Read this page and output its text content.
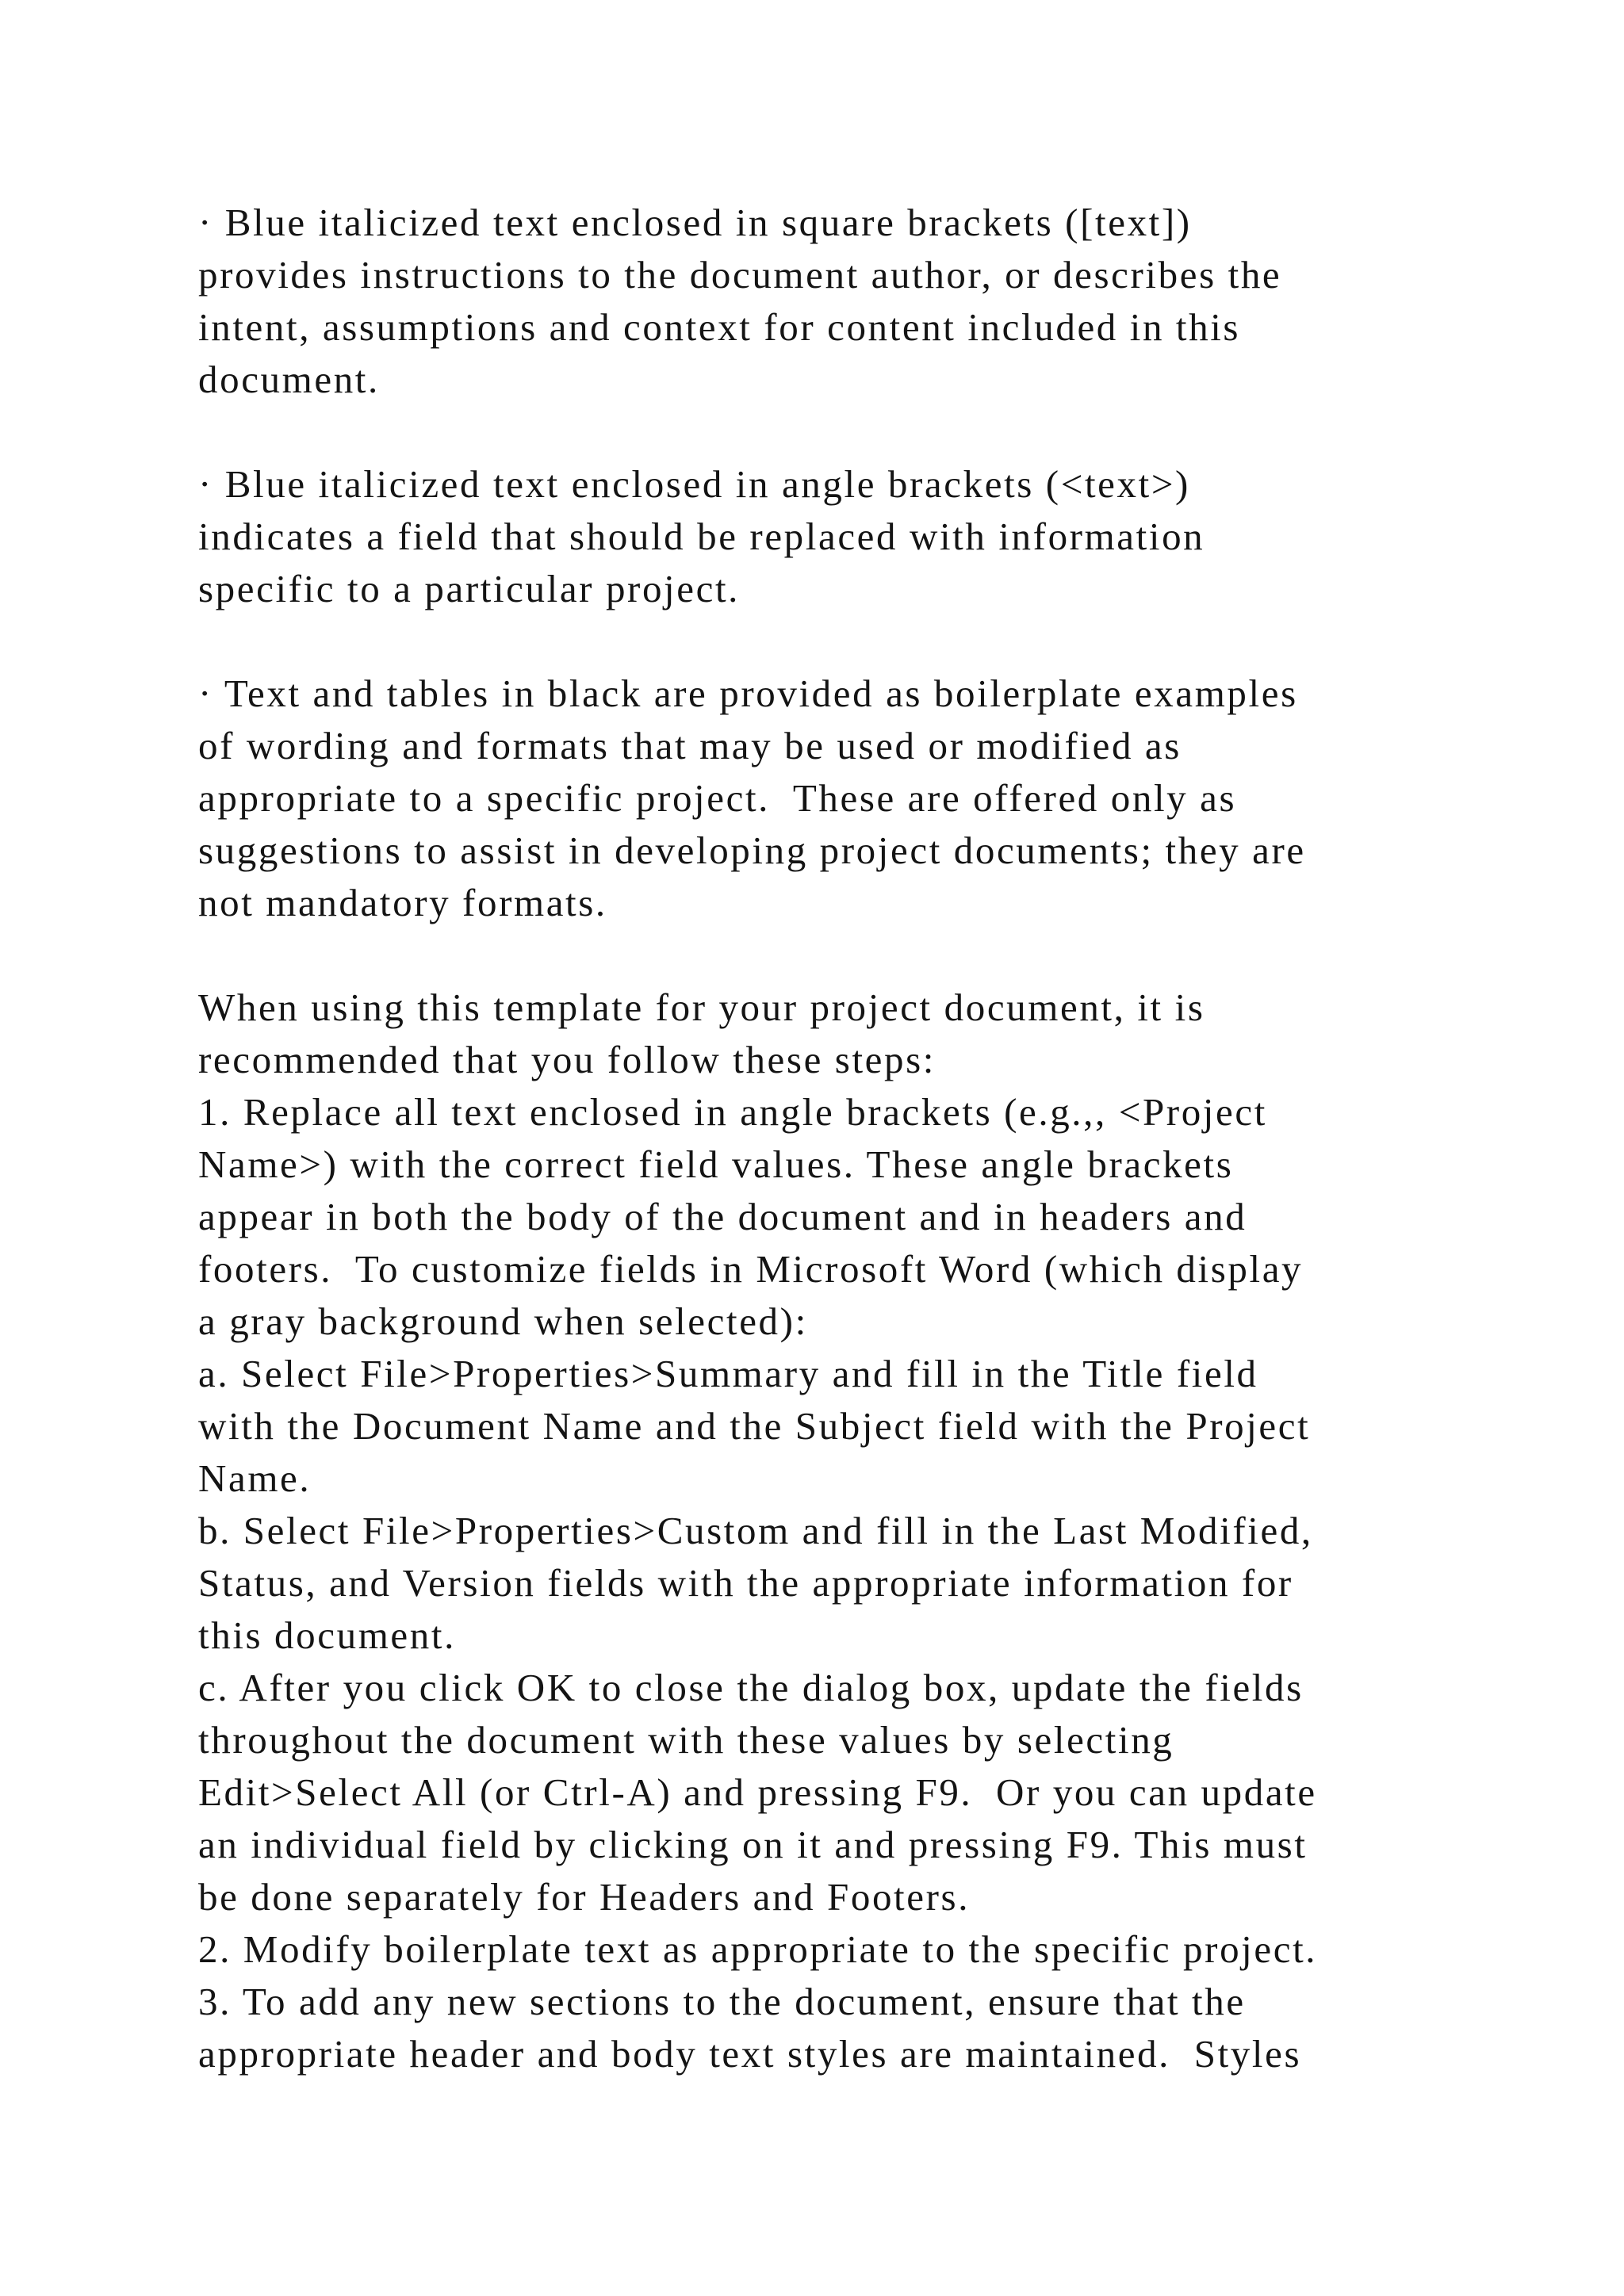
· Blue italicized text enclosed in square brackets ([text])
provides instructions to the document author, or describes the
intent, assumptions and context for content included in this
document.
· Blue italicized text enclosed in angle brackets (<text>)
indicates a field that should be replaced with information
specific to a particular project.
· Text and tables in black are provided as boilerplate examples
of wording and formats that may be used or modified as
appropriate to a specific project.  These are offered only as
suggestions to assist in developing project documents; they are
not mandatory formats.
When using this template for your project document, it is
recommended that you follow these steps:
1. Replace all text enclosed in angle brackets (e.g.,, <Project
Name>) with the correct field values. These angle brackets
appear in both the body of the document and in headers and
footers.  To customize fields in Microsoft Word (which display
a gray background when selected):
a. Select File>Properties>Summary and fill in the Title field
with the Document Name and the Subject field with the Project
Name.
b. Select File>Properties>Custom and fill in the Last Modified,
Status, and Version fields with the appropriate information for
this document.
c. After you click OK to close the dialog box, update the fields
throughout the document with these values by selecting
Edit>Select All (or Ctrl-A) and pressing F9.  Or you can update
an individual field by clicking on it and pressing F9. This must
be done separately for Headers and Footers.
2. Modify boilerplate text as appropriate to the specific project.
3. To add any new sections to the document, ensure that the
appropriate header and body text styles are maintained.  Styles
